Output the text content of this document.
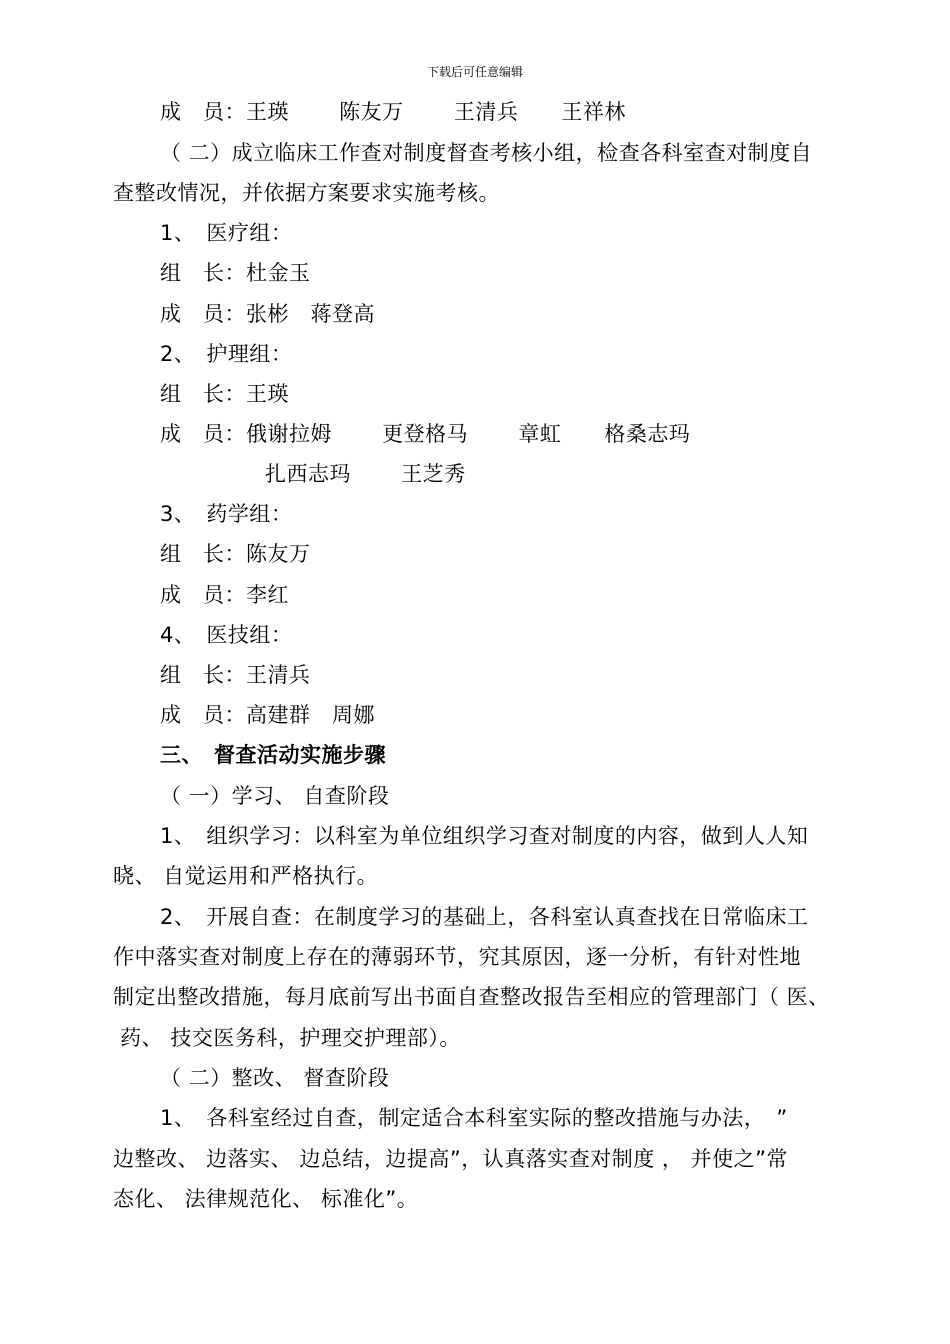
下载后可任意编辑
成　员：王瑛　　 陈友万　　 王清兵　　王祥林
（ 二）成立临床工作查对制度督查考核小组，检查各科室查对制度自
查整改情况，并依据方案要求实施考核。
1、　医疗组：
组　长：杜金玉
成　员：张彬　蒋登高
2、　护理组：
组　长：王瑛
成　员：俄谢拉姆　　 更登格马　　 章虹　　格桑志玛
扎西志玛　　 王芝秀
3、　药学组：
组　长：陈友万
成　员：李红
4、　医技组：
组　长：王清兵
成　员：高建群　周娜
三、　督查活动实施步骤
（ 一）学习、 自查阶段
1、　组织学习：以科室为单位组织学习查对制度的内容，做到人人知
晓、 自觉运用和严格执行。
2、　开展自查：在制度学习的基础上，各科室认真查找在日常临床工
作中落实查对制度上存在的薄弱环节，究其原因，逐一分析，有针对性地
制定出整改措施，每月底前写出书面自查整改报告至相应的管理部门（ 医、
药、 技交医务科，护理交护理部）。
（ 二）整改、 督查阶段
1、　各科室经过自查，制定适合本科室实际的整改措施与办法，　”
边整改、 边落实、 边总结，边提高”，认真落实查对制度 ， 并使之”常
态化、 法律规范化、 标准化”。
